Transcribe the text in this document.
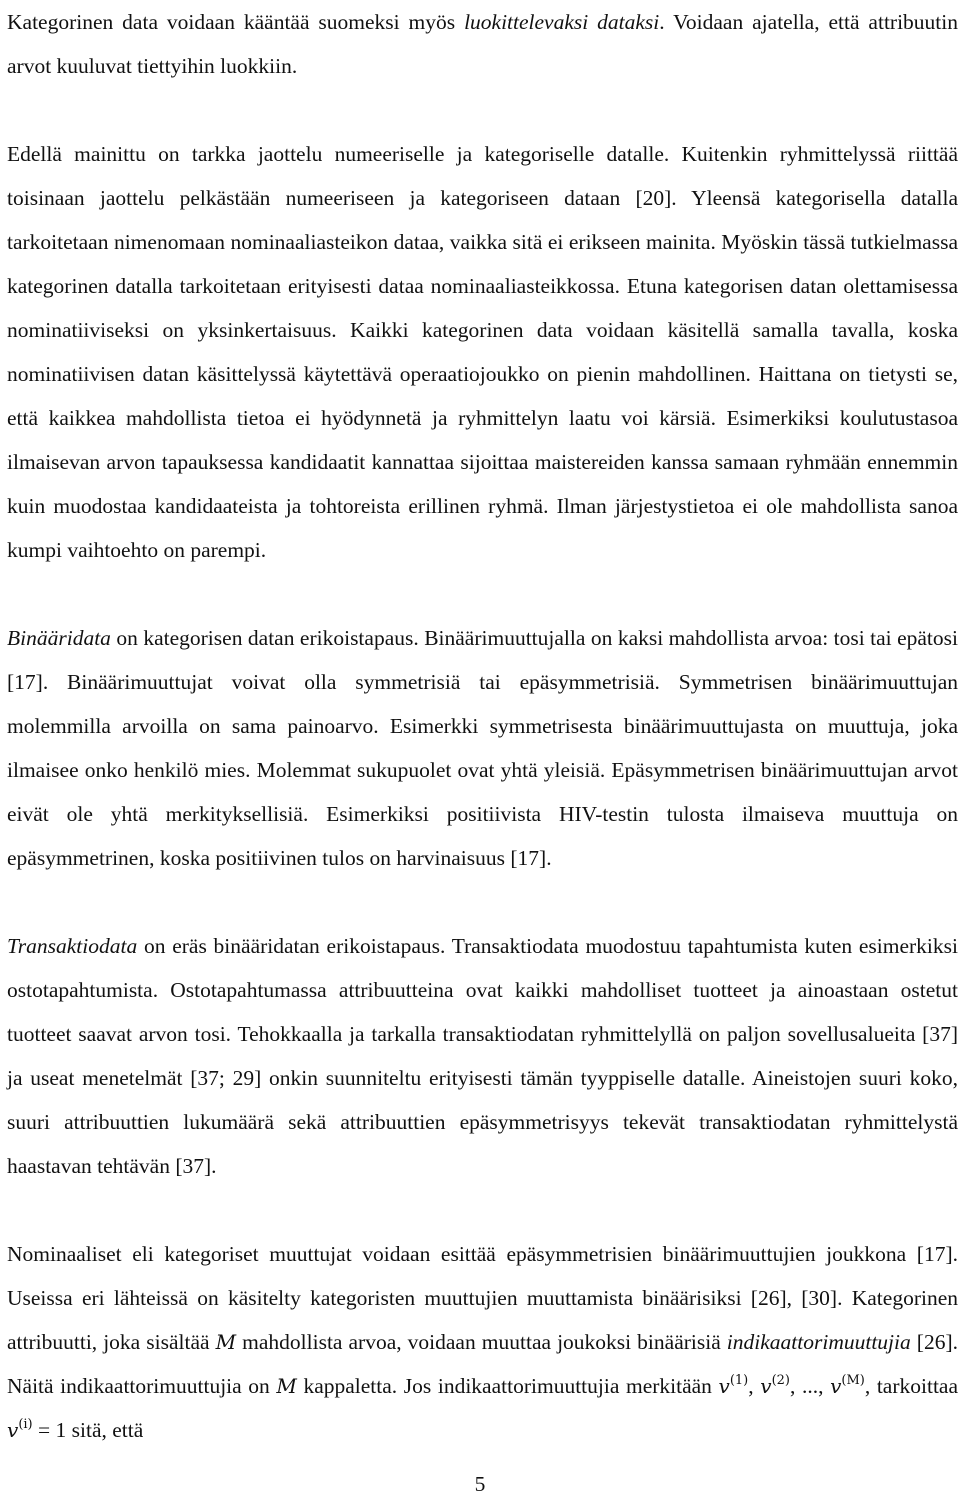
Kategorinen data voidaan kääntää suomeksi myös luokittelevaksi dataksi. Voidaan ajatella, että attribuutin arvot kuuluvat tiettyihin luokkiin.

Edellä mainittu on tarkka jaottelu numeeriselle ja kategoriselle datalle. Kuitenkin ryhmittelyssä riittää toisinaan jaottelu pelkästään numeeriseen ja kategoriseen dataan [20]. Yleensä kategorisella datalla tarkoitetaan nimenomaan nominaaliasteikon dataa, vaikka sitä ei erikseen mainita. Myöskin tässä tutkielmassa kategorinen datalla tarkoitetaan erityisesti dataa nominaaliasteikkossa. Etuna kategorisen datan olettamisessa nominatiiviseksi on yksinkertaisuus. Kaikki kategorinen data voidaan käsitellä samalla tavalla, koska nominatiivisen datan käsittelyssä käytettävä operaatiojoukko on pienin mahdollinen. Haittana on tietysti se, että kaikkea mahdollista tietoa ei hyödynnetä ja ryhmittelyn laatu voi kärsiä. Esimerkiksi koulutustasoa ilmaisevan arvon tapauksessa kandidaatit kannattaa sijoittaa maistereiden kanssa samaan ryhmään ennemmin kuin muodostaa kandidaateista ja tohtoreista erillinen ryhmä. Ilman järjestystietoa ei ole mahdollista sanoa kumpi vaihtoehto on parempi.

Binääridata on kategorisen datan erikoistapaus. Binäärimuuttujalla on kaksi mahdollista arvoa: tosi tai epätosi [17]. Binäärimuuttujat voivat olla symmetrisiä tai epäsymmetrisiä. Symmetrisen binäärimuuttujan molemmilla arvoilla on sama painoarvo. Esimerkki symmetrisesta binäärimuuttujasta on muuttuja, joka ilmaisee onko henkilö mies. Molemmat sukupuolet ovat yhtä yleisiä. Epäsymmetrisen binäärimuuttujan arvot eivät ole yhtä merkityksellisiä. Esimerkiksi positiivista HIV-testin tulosta ilmaiseva muuttuja on epäsymmetrinen, koska positiivinen tulos on harvinaisuus [17].

Transaktiodata on eräs binääridatan erikoistapaus. Transaktiodata muodostuu tapahtumista kuten esimerkiksi ostotapahtumista. Ostotapahtumassa attribuutteina ovat kaikki mahdolliset tuotteet ja ainoastaan ostetut tuotteet saavat arvon tosi. Tehokkaalla ja tarkalla transaktiodatan ryhmittelyllä on paljon sovellusalueita [37] ja useat menetelmät [37; 29] onkin suunniteltu erityisesti tämän tyyppiselle datalle. Aineistojen suuri koko, suuri attribuuttien lukumäärä sekä attribuuttien epäsymmetrisyys tekevät transaktiodatan ryhmittelystä haastavan tehtävän [37].

Nominaaliset eli kategoriset muuttujat voidaan esittää epäsymmetrisien binäärimuuttujien joukkona [17]. Useissa eri lähteissä on käsitelty kategoristen muuttujien muuttamista binäärisiksi [26], [30]. Kategorinen attribuutti, joka sisältää M mahdollista arvoa, voidaan muuttaa joukoksi binäärisiä indikaattorimuuttujia [26]. Näitä indikaattorimuuttujia on M kappaletta. Jos indikaattorimuuttujia merkitään $v^{(1)}$, $v^{(2)}$, ..., $v^{(M)}$, tarkoittaa $v^{(i)} = 1$ sitä, että

5
